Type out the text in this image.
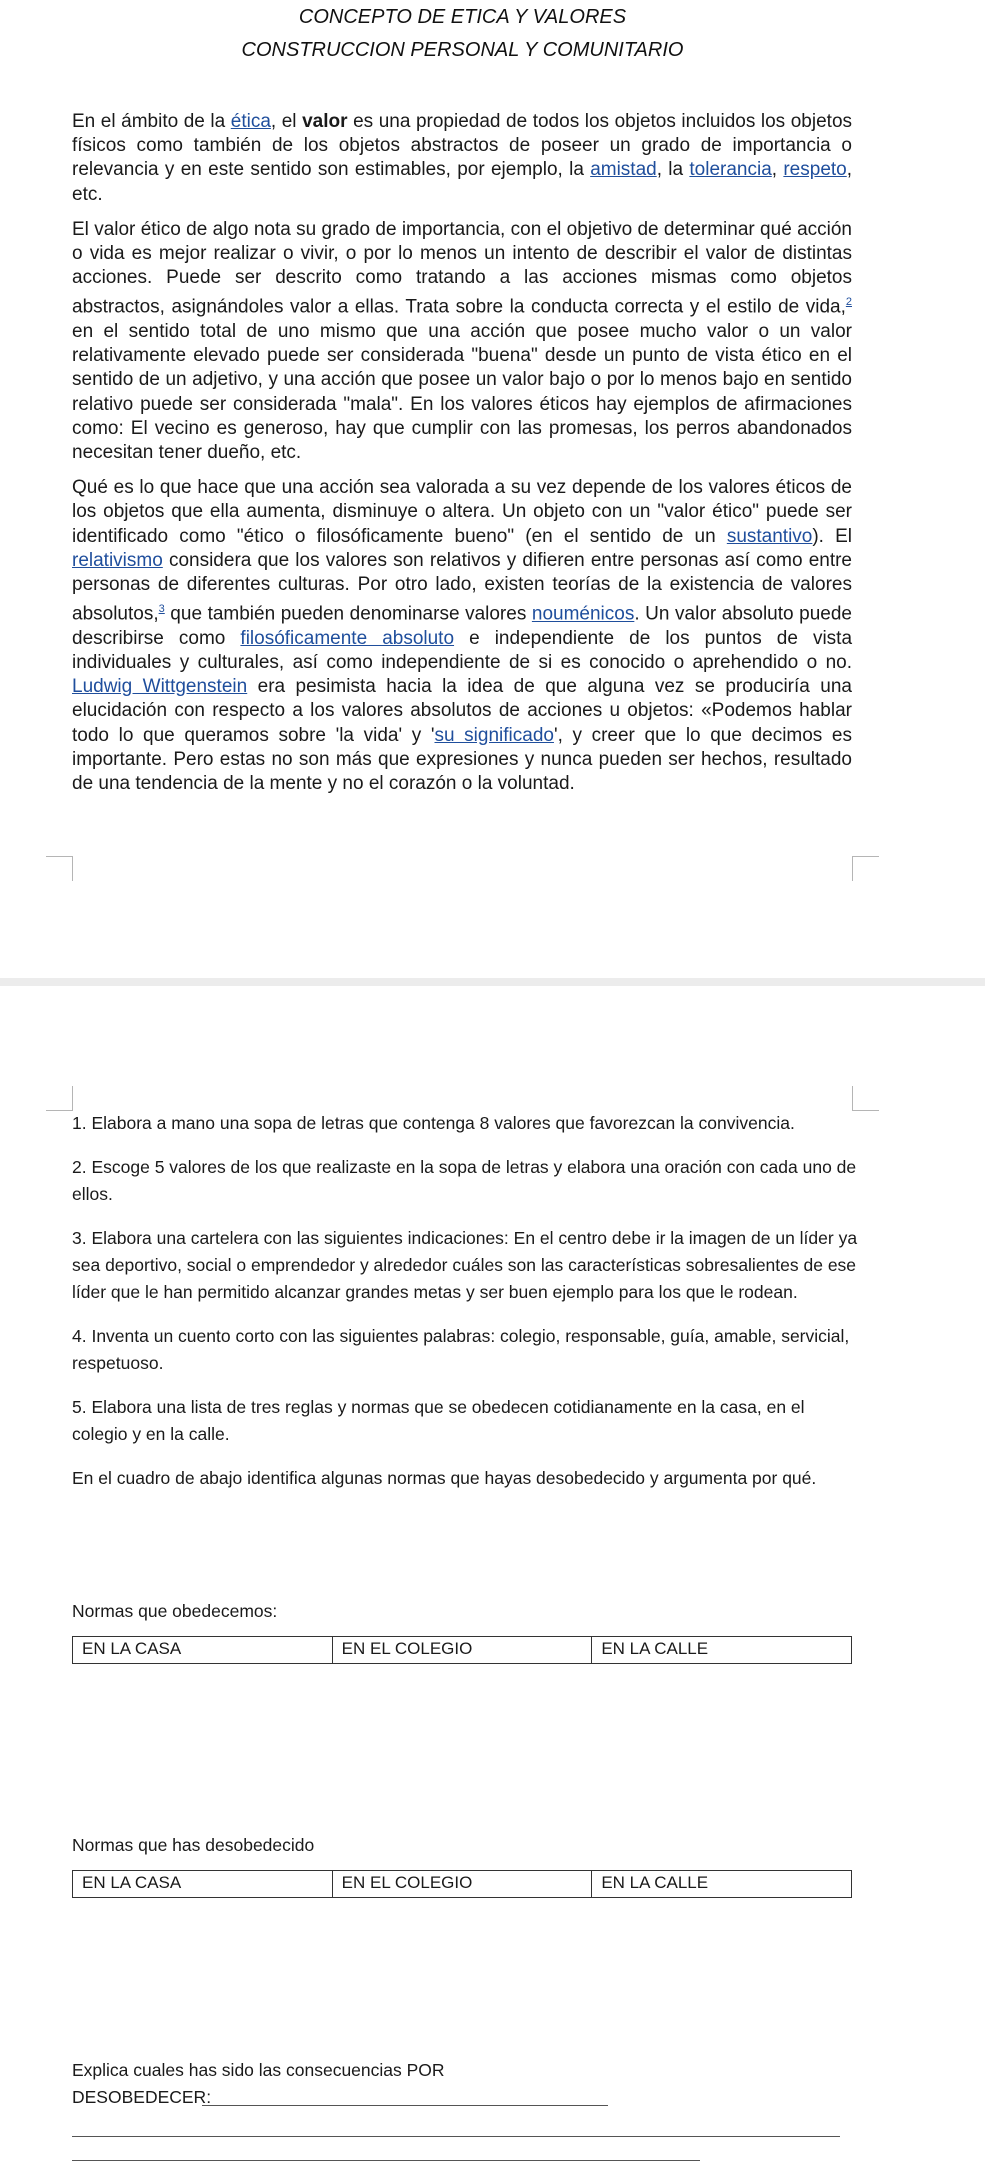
CONCEPTO DE ETICA Y VALORES
CONSTRUCCION PERSONAL Y COMUNITARIO

En el ámbito de la ética, el valor es una propiedad de todos los objetos incluidos los objetos físicos como también de los objetos abstractos de poseer un grado de importancia o relevancia y en este sentido son estimables, por ejemplo, la amistad, la tolerancia, respeto, etc.

El valor ético de algo nota su grado de importancia, con el objetivo de determinar qué acción o vida es mejor realizar o vivir, o por lo menos un intento de describir el valor de distintas acciones. Puede ser descrito como tratando a las acciones mismas como objetos abstractos, asignándoles valor a ellas. Trata sobre la conducta correcta y el estilo de vida,$^2$ en el sentido total de uno mismo que una acción que posee mucho valor o un valor relativamente elevado puede ser considerada "buena" desde un punto de vista ético en el sentido de un adjetivo, y una acción que posee un valor bajo o por lo menos bajo en sentido relativo puede ser considerada "mala". En los valores éticos hay ejemplos de afirmaciones como: El vecino es generoso, hay que cumplir con las promesas, los perros abandonados necesitan tener dueño, etc.

Qué es lo que hace que una acción sea valorada a su vez depende de los valores éticos de los objetos que ella aumenta, disminuye o altera. Un objeto con un "valor ético" puede ser identificado como "ético o filosóficamente bueno" (en el sentido de un sustantivo). El relativismo considera que los valores son relativos y difieren entre personas así como entre personas de diferentes culturas. Por otro lado, existen teorías de la existencia de valores absolutos,$^3$ que también pueden denominarse valores nouménicos. Un valor absoluto puede describirse como filosóficamente absoluto e independiente de los puntos de vista individuales y culturales, así como independiente de si es conocido o aprehendido o no. Ludwig Wittgenstein era pesimista hacia la idea de que alguna vez se produciría una elucidación con respecto a los valores absolutos de acciones u objetos: «Podemos hablar todo lo que queramos sobre 'la vida' y 'su significado', y creer que lo que decimos es importante. Pero estas no son más que expresiones y nunca pueden ser hechos, resultado de una tendencia de la mente y no el corazón o la voluntad.

1. Elabora a mano una sopa de letras que contenga 8 valores que favorezcan la convivencia.

2. Escoge 5 valores de los que realizaste en la sopa de letras y elabora una oración con cada uno de ellos.

3. Elabora una cartelera con las siguientes indicaciones: En el centro debe ir la imagen de un líder ya sea deportivo, social o emprendedor y alrededor cuáles son las características sobresalientes de ese líder que le han permitido alcanzar grandes metas y ser buen ejemplo para los que le rodean.

4. Inventa un cuento corto con las siguientes palabras: colegio, responsable, guía, amable, servicial, respetuoso.

5. Elabora una lista de tres reglas y normas que se obedecen cotidianamente en la casa, en el colegio y en la calle.

En el cuadro de abajo identifica algunas normas que hayas desobedecido y argumenta por qué.

Normas que obedecemos:
EN LA CASA	EN EL COLEGIO	EN LA CALLE
Normas que has desobedecido
EN LA CASA	EN EL COLEGIO	EN LA CALLE
Explica cuales has sido las consecuencias POR
DESOBEDECER:
